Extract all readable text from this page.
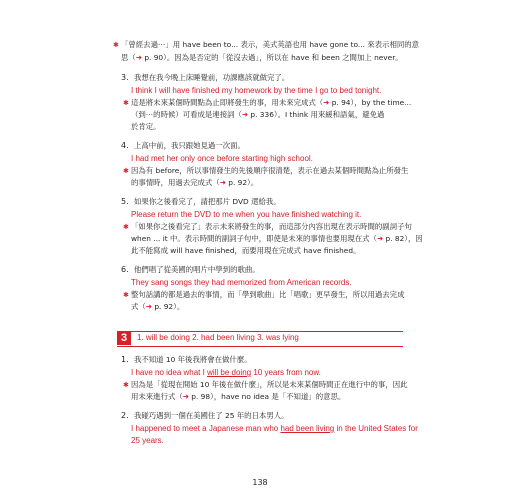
✱ 「曾經去過⋯」用 have been to... 表示，美式英語也用 have gone to... 來表示相同的意
思（➜ p. 90）。因為是否定的「從沒去過」，所以在 have 和 been 之間加上 never。
3. 我想在我今晚上床睡覺前，功課應該就做完了。
I think I will have finished my homework by the time I go to bed tonight.
✱ 這是將未來某個時間點為止即將發生的事，用未來完成式（➜ p. 94），by the time...
（到⋯的時候）可看成是連接詞（➜ p. 336）。I think 用來緩和語氣，避免過
於肯定。
4. 上高中前，我只跟她見過一次面。
I had met her only once before starting high school.
✱ 因為有 before，所以事情發生的先後順序很清楚，表示在過去某個時間點為止所發生
的事情時，用過去完成式（➜ p. 92）。
5. 如果你之後看完了，請把那片 DVD 還給我。
Please return the DVD to me when you have finished watching it.
✱ 「如果你之後看完了」表示未來將發生的事，而這部分內容出現在表示時間的副詞子句
when ... it 中。表示時間的副詞子句中，即使是未來的事情也要用現在式（➜ p. 82），因
此不能寫成 will have finished，而要用現在完成式 have finished。
6. 他們唱了從美國的唱片中學到的歌曲。
They sang songs they had memorized from American records.
✱ 整句話講的都是過去的事情，而「學到歌曲」比「唱歌」更早發生，所以用過去完成
式（➜ p. 92）。
3	1. will be doing 2. had been living 3. was lying
1. 我不知道 10 年後我將會在做什麼。
I have no idea what I will be doing 10 years from now.
✱ 因為是「從現在開始 10 年後在做什麼」，所以是未來某個時間正在進行中的事，因此
用未來進行式（➜ p. 98），have no idea 是「不知道」的意思。
2. 我碰巧遇到一個在美國住了 25 年的日本男人。
I happened to meet a Japanese man who had been living in the United States for
25 years.
138
